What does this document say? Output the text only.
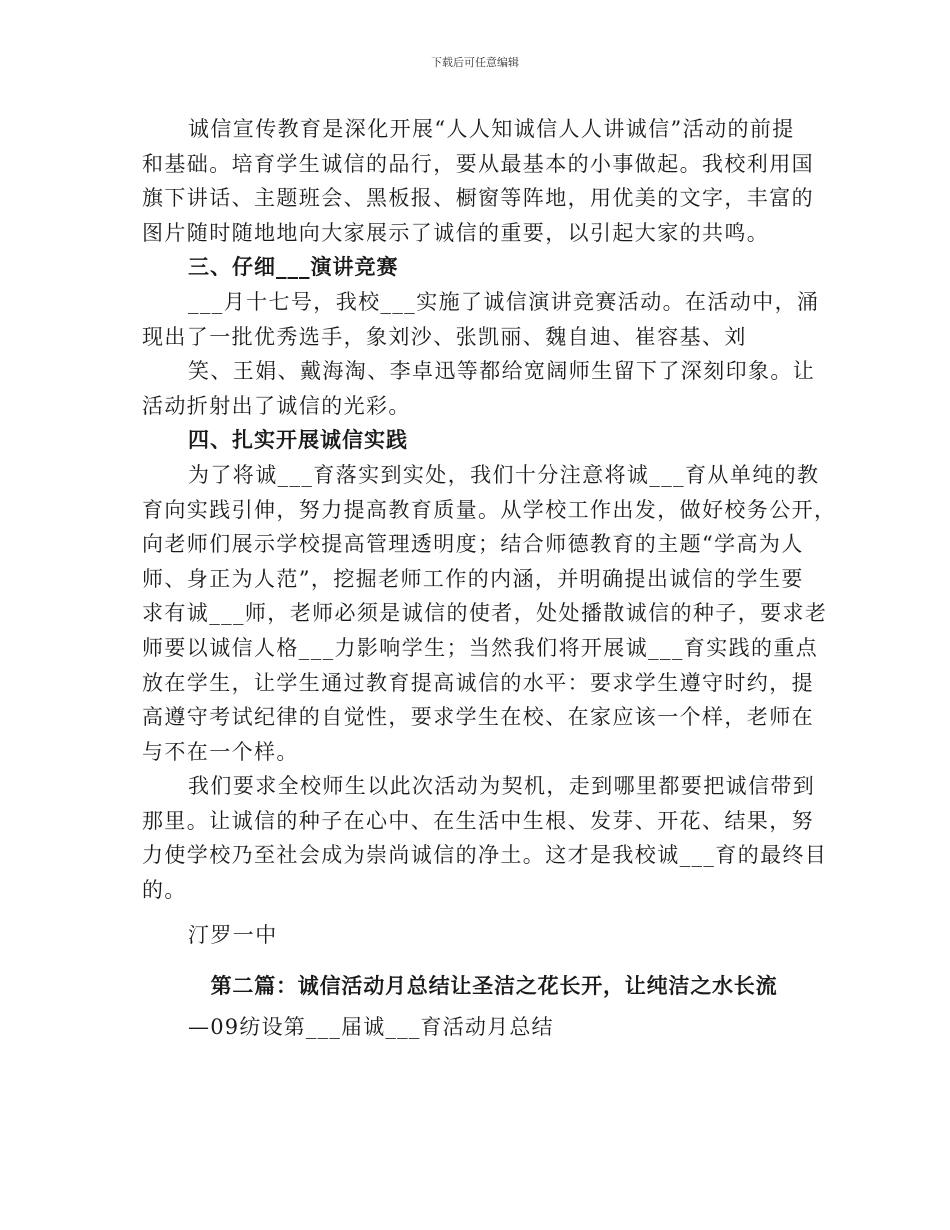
下载后可任意编辑
诚信宣传教育是深化开展“人人知诚信人人讲诚信”活动的前提
和基础。培育学生诚信的品行，要从最基本的小事做起。我校利用国
旗下讲话、主题班会、黑板报、橱窗等阵地，用优美的文字，丰富的
图片随时随地地向大家展示了诚信的重要，以引起大家的共鸣。
三、仔细___演讲竞赛
___月十七号，我校___实施了诚信演讲竞赛活动。在活动中，涌
现出了一批优秀选手，象刘沙、张凯丽、魏自迪、崔容基、刘
笑、王娟、戴海淘、李卓迅等都给宽阔师生留下了深刻印象。让
活动折射出了诚信的光彩。
四、扎实开展诚信实践
为了将诚___育落实到实处，我们十分注意将诚___育从单纯的教
育向实践引伸，努力提高教育质量。从学校工作出发，做好校务公开，
向老师们展示学校提高管理透明度；结合师德教育的主题“学高为人
师、身正为人范”，挖掘老师工作的内涵，并明确提出诚信的学生要
求有诚___师，老师必须是诚信的使者，处处播散诚信的种子，要求老
师要以诚信人格___力影响学生；当然我们将开展诚___育实践的重点
放在学生，让学生通过教育提高诚信的水平：要求学生遵守时约，提
高遵守考试纪律的自觉性，要求学生在校、在家应该一个样，老师在
与不在一个样。
我们要求全校师生以此次活动为契机，走到哪里都要把诚信带到
那里。让诚信的种子在心中、在生活中生根、发芽、开花、结果，努
力使学校乃至社会成为崇尚诚信的净土。这才是我校诚___育的最终目
的。
汀罗一中
第二篇：诚信活动月总结让圣洁之花长开，让纯洁之水长流
—09纺设第___届诚___育活动月总结
